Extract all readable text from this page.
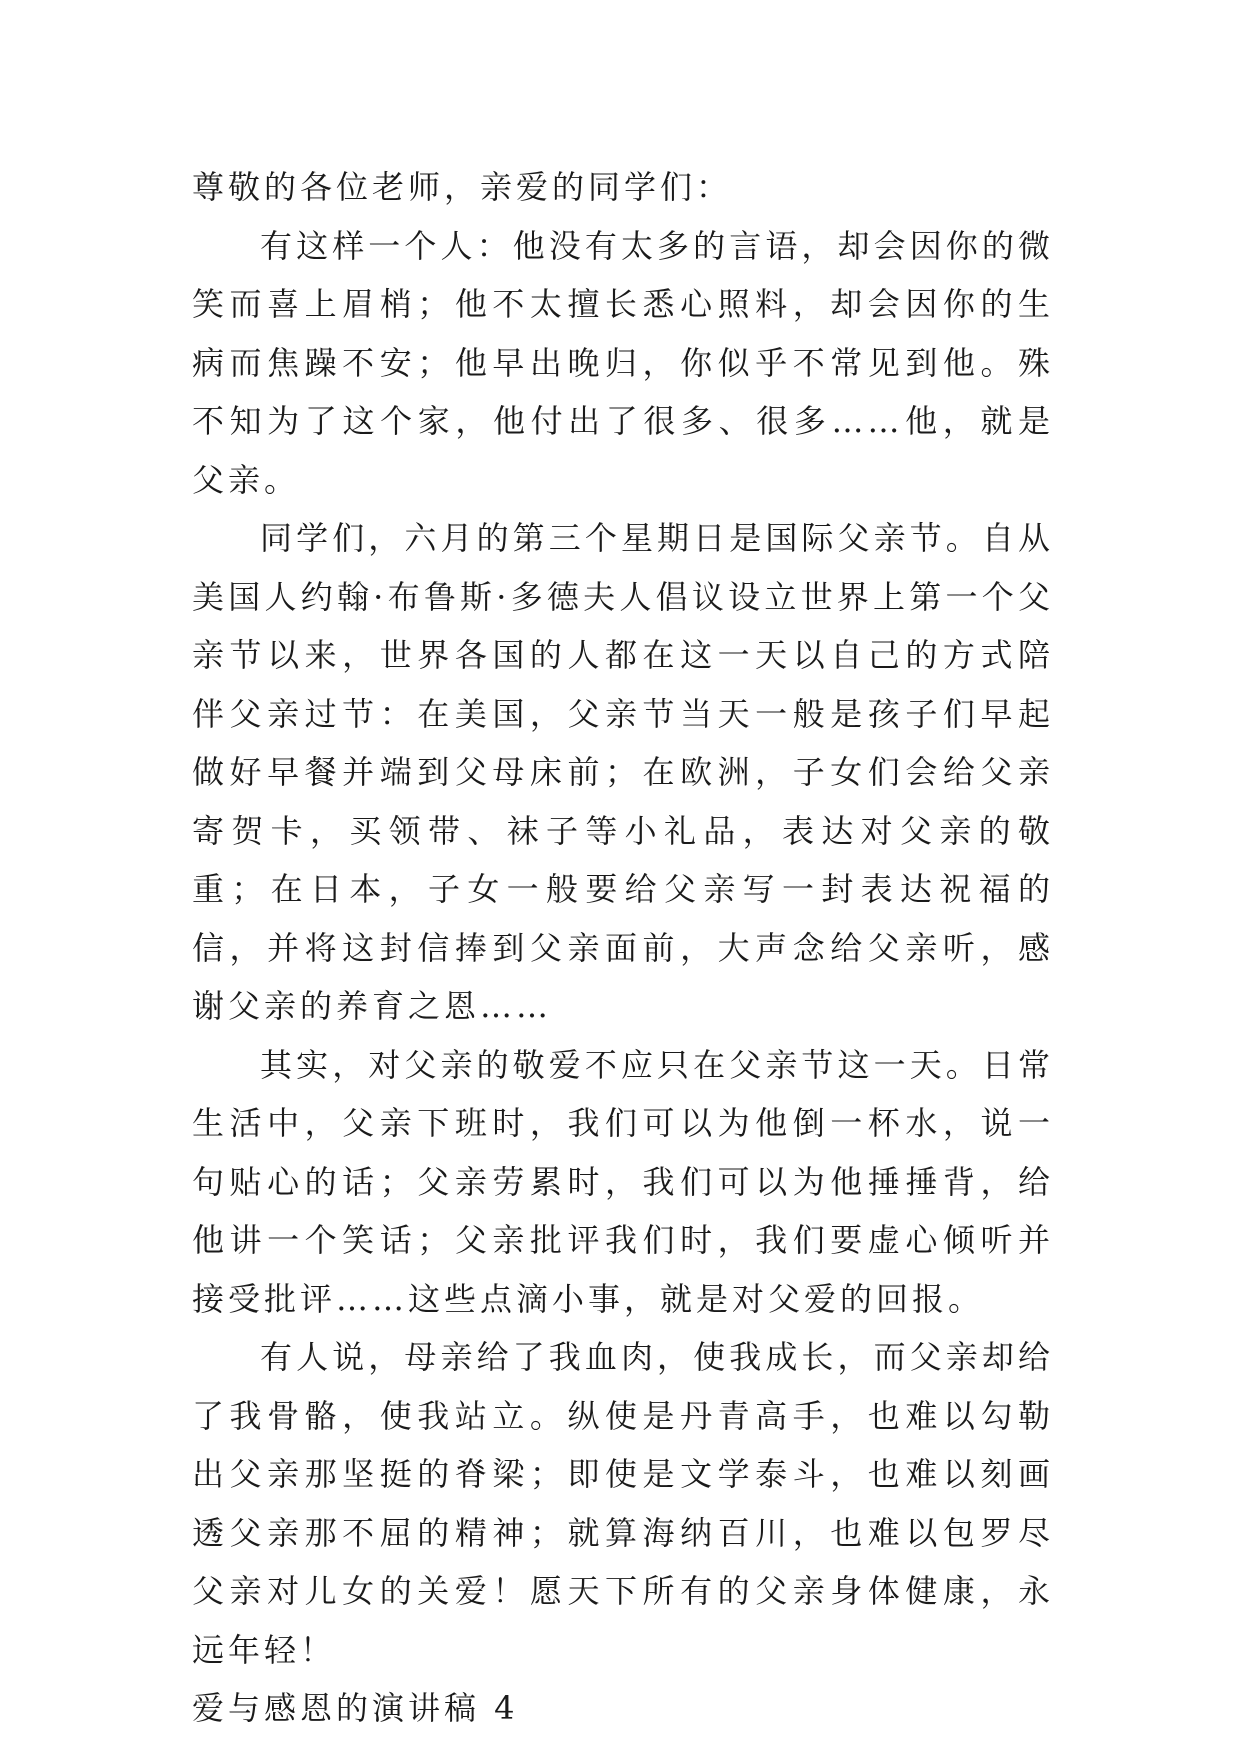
尊敬的各位老师，亲爱的同学们：

有这样一个人：他没有太多的言语，却会因你的微笑而喜上眉梢；他不太擅长悉心照料，却会因你的生病而焦躁不安；他早出晚归，你似乎不常见到他。殊不知为了这个家，他付出了很多、很多……他，就是父亲。

同学们，六月的第三个星期日是国际父亲节。自从美国人约翰·布鲁斯·多德夫人倡议设立世界上第一个父亲节以来，世界各国的人都在这一天以自己的方式陪伴父亲过节：在美国，父亲节当天一般是孩子们早起做好早餐并端到父母床前；在欧洲，子女们会给父亲寄贺卡，买领带、袜子等小礼品，表达对父亲的敬重；在日本，子女一般要给父亲写一封表达祝福的信，并将这封信捧到父亲面前，大声念给父亲听，感谢父亲的养育之恩……

其实，对父亲的敬爱不应只在父亲节这一天。日常生活中，父亲下班时，我们可以为他倒一杯水，说一句贴心的话；父亲劳累时，我们可以为他捶捶背，给他讲一个笑话；父亲批评我们时，我们要虚心倾听并接受批评……这些点滴小事，就是对父爱的回报。

有人说，母亲给了我血肉，使我成长，而父亲却给了我骨骼，使我站立。纵使是丹青高手，也难以勾勒出父亲那坚挺的脊梁；即使是文学泰斗，也难以刻画透父亲那不屈的精神；就算海纳百川，也难以包罗尽父亲对儿女的关爱！愿天下所有的父亲身体健康，永远年轻！

爱与感恩的演讲稿 4
